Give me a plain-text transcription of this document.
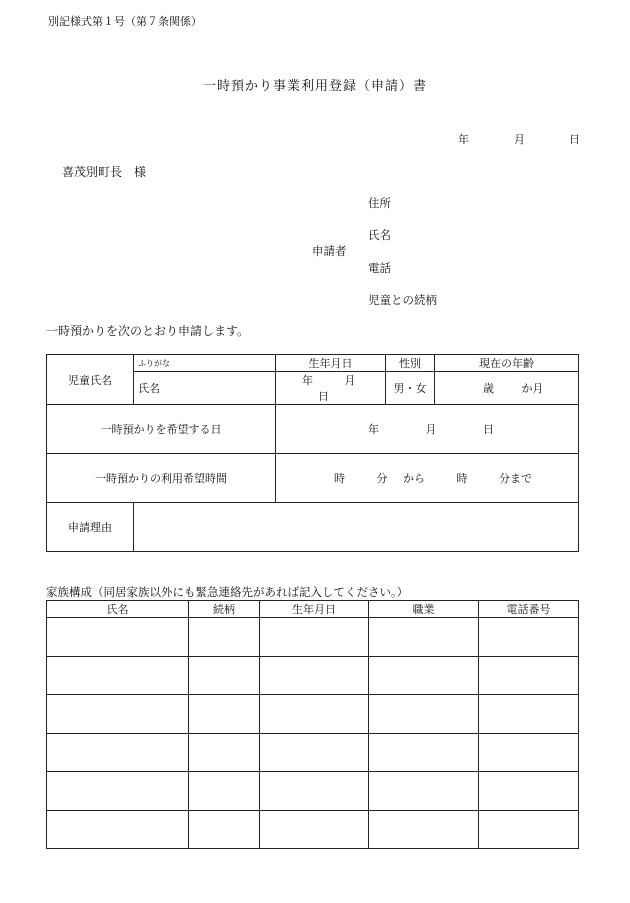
別記様式第１号（第７条関係）
一時預かり事業利用登録（申請）書
年	月	日
喜茂別町長　様
住所
氏名
申請者
電話
児童との続柄
一時預かりを次のとおり申請します。
児童氏名	ふりがな	生年月日	性別	現在の年齢
	氏名	年 月 日	男・女	歳 か月

一時預かりを希望する日		年 月 日		

一時預かりの利用希望時間		時 分 から 時 分まで		

申請理由				
家族構成（同居家族以外にも緊急連絡先があれば記入してください。）
氏名	続柄	生年月日	職業	電話番号
